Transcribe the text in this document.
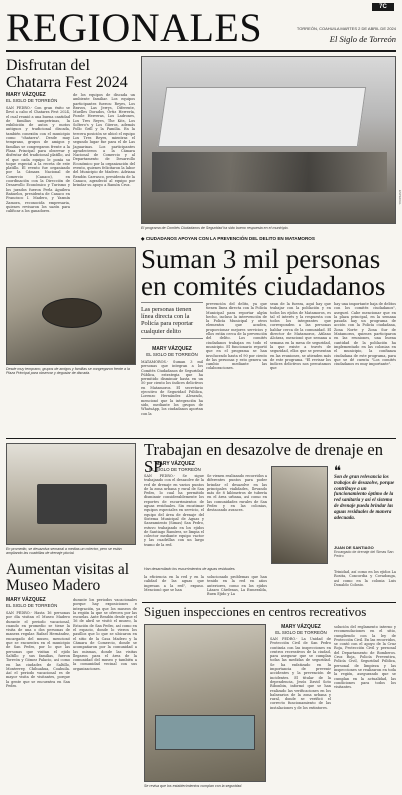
7C
REGIONALES	TORREÓN, COAHUILA MARTES 2 DE ABRIL DE 2024
El Siglo de Torreón
Disfrutan del Chatarra Fest 2024
MARY VÁZQUEZ
EL SIGLO DE TORREÓN
SAN PEDRO.- Con gran éxito se llevó a cabo el Chatarra Fest 2024, el cual reunió a una buena cantidad de familias sampetrinas, la exhibición de autos y motos antiguos y tradicional discada, también conexión con el municipio como "chatarra". Desde muy temprano, grupos de amigos y familias se congregaron frente a la Plaza Principal para observar y disfrutar del tradicional platillo, así el que cada equipo le ponía su toque especial a la receta de este platillo. El evento fue organizado por la Cámara Nacional de Comercio (Canaco), en coordinación con la Dirección de Desarrollo Económico y Turismo y los jurados fueron Perla Aguilera Bañuelos, presidenta de Canaco en Francisco I. Madero, y Yazmín Zamora, reconocida empresaria, quienes revisaron los sazón para calificar a los ganadores.
de los equipos de discada un ambiente familiar. Los equipos participantes fueron: Reyes, Los Bravos, Las Jerrys, Diferente, Muelles Dorados, Ortiz Herrería, Pozole Herreras, Los Ladrones, Los Tres Reyes, The Kits, Los Soltero's y Los Güeros, además Pollo Grill y la Familia. En la tercera posición se ubicó el equipo Los Tres Reyes, mientras el segundo lugar fue para el de Las Jaguarinas. Los participantes agradecieron a la Cámara Nacional de Comercio y al Departamento de Desarrollo Económico por la organización del evento, quienes felicitaron la labor del Municipio de Madero. Adriana Rendón Carrasco, presidenta de la Canaco, agradeció al equipo por brindar su apoyo a Ramón Cruz.
ESPECIAL
El programa de Comités Ciudadanos de Seguridad ha sido bueno respuesta en el municipio.
◆ CIUDADANOS APOYAN CON LA PREVENCIÓN DEL DELITO EN MATAMOROS
Suman 3 mil personas en comités ciudadanos
Desde muy temprano, grupos de amigos y familias se congregaron frente a la Plaza Principal para observar y degustar de discada.
Las personas tienen línea directa con la Policía para reportar cualquier delito
MARY VÁZQUEZ
EL SIGLO DE TORREÓN
MATAMOROS.- Suman 3 mil personas que integran a los Comités Ciudadanos de Seguridad Pública, estrategia que ha permitido disminuir hasta en un 50 por ciento los índices delictivos en Matamoros. El secretario ejecutivo de Seguridad Pública, Lorenzo Hernández Alvarado, mencionó que la integración ha sido, mediante los grupos de WhatsApp, los ciudadanos aportan con la
prevención del delito, ya que tienen línea directa con la Policía Municipal para reportar algún hecho, incluso la intervención de la Policía Municipal y otros elementos que acuden, proporcionar mejores servicios y ellos están cerca de la prevención del delito. Los comités ciudadanos trabajan en todo el municipio. El funcionario reportó que en el programa se han involucrado hasta el 90 por ciento de las personas y esto genera un cambio mediante las colaboraciones.
sean de la fuerza, aquí hay que trabajar con la población y en todos los ejidos de Matamoros, es tal el interés y la respuesta con todos los integrantes que corresponden a las personas hablar cerca de la comunidad. El director de Matamoros, Atilano Alcáraz, mencionó que semana a semana en la mesa de seguridad, la que existe a través de seguridad, ellos que se presentan en las reuniones, se atienden más de este programa. "El revisar los índices delictivos nos percatamos que
hay una importante baja de delitos con los comités ciudadanos", aseguró. Cabe mencionar que en la plaza principal, en la semana pasada hay un programa de acción con la Policía ciudadana, Zona Norte y Zona Sur de Matamoros, quienes participaron en las reuniones, una buena cantidad de la población ha implementado en las colonias en el municipio, la confianza ciudadana de este programa, para que se dé cuenta "Los comités ciudadanos es muy importante".
Trabajan en desazolve de drenaje en SP
En promedio, se desazolva semanal a medias un colector, pero se están ampliando las cuadrillas de drenaje pluvial.
MARY VÁZQUEZ
EL SIGLO DE TORREÓN
SAN PEDRO.- Se sigue trabajando con el desazolve de la red de drenaje en varios puntos de la zona urbana y rural de San Pedro, lo cual ha permitido disminuir considerablemente los reportes de escurrimientos de aguas residuales. Sin escatimar equipos especiales en servicio, el equipo del área de drenaje del Sistema Municipal de Aguas y Saneamiento (Simas) San Pedro, estuvo trabajando en los ejidos de Santiago Ramírez, se limpia el colector mediante equipo vactor y las cuadrillas con un largo tramo de la red.
Se vienen realizando recorridos a diferentes puntos para poder brindar el desazolve en las principales vialidades, llevando más de 8 kilómetros de tubería en el área urbana, así como en las comunidades rurales de San Pedro y en las colonias, destacando avances.
❝
Son de gran relevancia los trabajos de desazolve, porque contribuye a un funcionamiento óptimo de la red sanitaria y así el sistema de drenaje pueda brindar las aguas residuales de manera adecuada.
JUAN DE SANTIAGO
Encargado de drenaje del Simas San Pedro
Han desarrollado los escurrimientos de aguas residuales.
la eficiencia en la red y en la calidad de las aguas que ingresan a la red", expuso. Mencionó que se han
solucionado problemas que han tenido en la red en años anteriores, como en los ejidos Lázaro Cárdenas, La Esmeralda, Buen Ejido y La
Trinidad, así como en los ejidos La Rosita, Concordia y Covadonga, así como en la colonia Luis Donaldo Colosio.
Aumentan visitas al Museo Madero
MARY VÁZQUEZ
EL SIGLO DE TORREÓN
SAN PEDRO.- Hasta 16 personas por día visitan el Museo Madero durante el periodo vacacional, cuando en promedio se tiene la visita de una o dos personas de manera regular. Rafael Hernández, encargado del museo, mencionó que se encuentra en el municipio de San Pedro, por lo que las personas que visitan el ejido Saltillo y sus familias, fueron Torreón y Gómez Palacio, así como en las ciudades de Saltillo, Monterrey, Chihuahua, Coahuila. Así el periodo vacacional es de mayor visita de visitantes, porque la gente que se encuentra en San Pedro.
durante los periodos vacacionales porque hay exposiciones e integración, ya que los museos de la región la que se ofrecen por las escuelas. Ante Rendón desde que el 16 de abril se visitó el museo, la Estación de San Pedro, así como en el espacio, donde lo vieron los pasillos que lo que se ubicaron en el sitio de la Casa Madero y la Cámara de Comercio, donde se acompañaron por la comunidad a las mismas, donde las visitas llegaron para el área de la comunidad del museo y también a la comunidad vecinal con sus organizaciones.
Siguen inspecciones en centros recreativos
Se revisa que los establecimientos cumplan con la seguridad.
MARY VÁZQUEZ
EL SIGLO DE TORREÓN
SAN PEDRO.- La Unidad de Protección Civil de San Pedro continúa con las inspecciones en centros recreativos de la ciudad, para asegurar que se cumplan todas las medidas de seguridad. Se ha enfatizado en la importancia de prevenir accidentes y la prevención de incidentes. El titular de la dependencia, Jesús David Soto Ribonbin, informó que se han realizado las verificaciones en los balnearios de la zona urbana y rural, donde se verificó el correcto funcionamiento de las instalaciones y de los extintores.
solución del reglamento interno y recomendaciones en el sitio, cumpliendo con la ley de Protección Civil. En las recorridos, se contó con el apoyo de la Cruz Roja, Protección Civil y personal del Departamento de Bomberos. Cruz Roja, Policía Preventiva, Policía Civil, Seguridad Pública, personal de limpieza y las inspecciones se realizaron en toda la región, asegurando que se cumplan en la actualidad, las condiciones para todos los visitantes.
